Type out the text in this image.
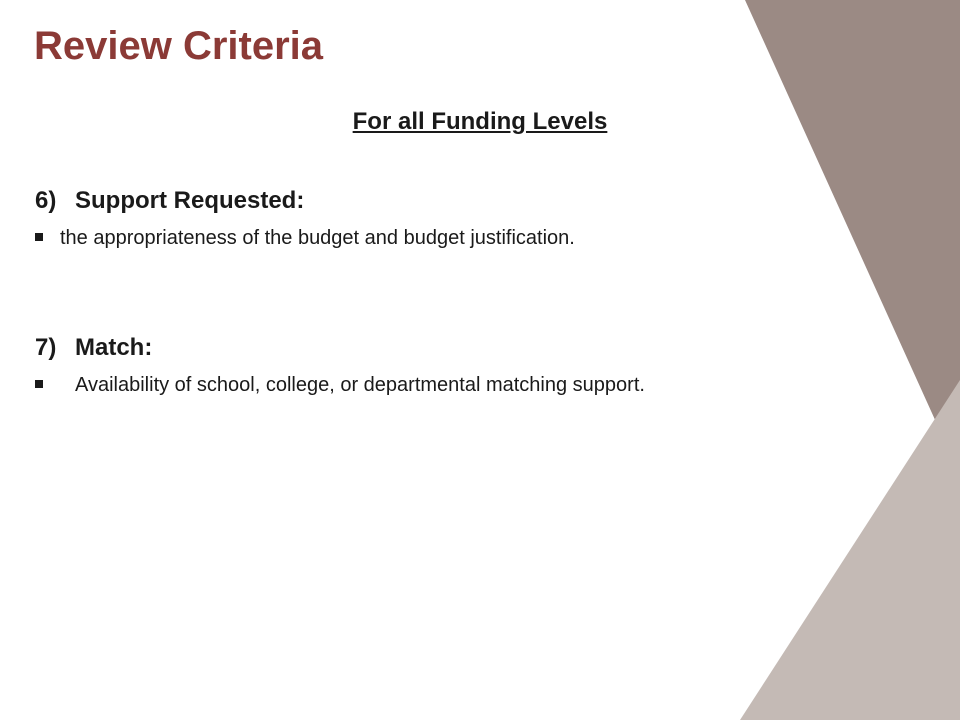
Review Criteria
For all Funding Levels
6) Support Requested:
the appropriateness of the budget and budget justification.
7) Match:
Availability of school, college, or departmental matching support.
